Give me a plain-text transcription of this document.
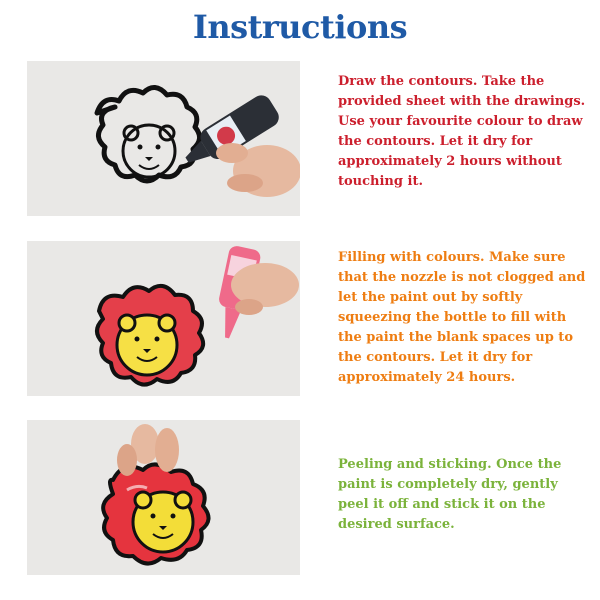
Instructions

Draw the contours. Take the provided sheet with the drawings. Use your favourite colour to draw the contours. Let it dry for approximately 2 hours without touching it.

Filling with colours. Make sure that the nozzle is not clogged and let the paint out by softly squeezing the bottle to fill with the paint the blank spaces up to the contours. Let it dry for approximately 24 hours.

Peeling and sticking. Once the paint is completely dry, gently peel it off and stick it on the desired surface.
